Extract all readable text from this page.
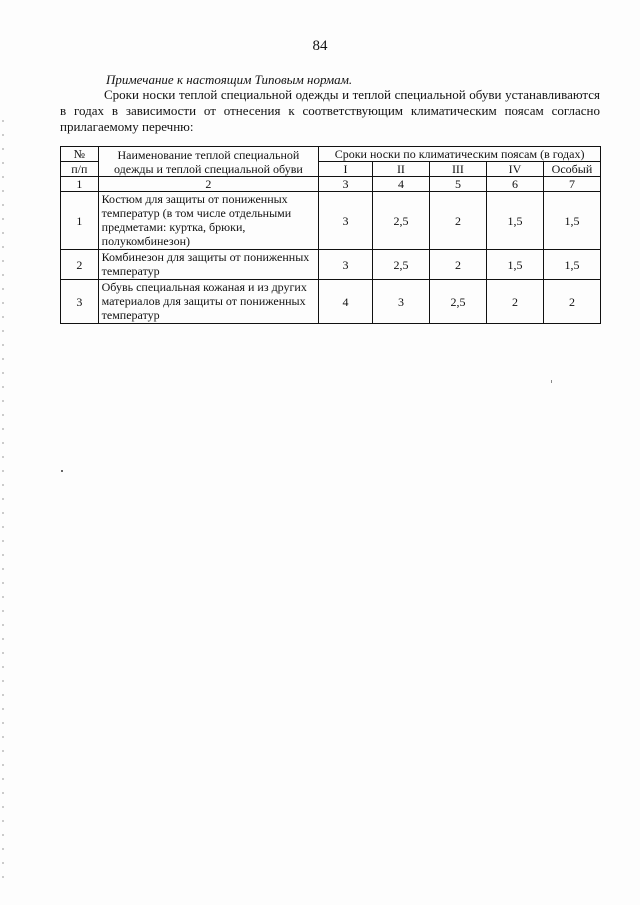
84
Примечание к настоящим Типовым нормам.

Сроки носки теплой специальной одежды и теплой специальной обуви устанавливаются в годах в зависимости от отнесения к соответствующим климатическим поясам согласно прилагаемому перечню:

№	Наименование теплой специальной одежды и теплой специальной обуви	Сроки носки по климатическим поясам (в годах)				
п/п		I	II	III	IV	Особый
1	2	3	4	5	6	7
1	Костюм для защиты от пониженных температур (в том числе отдельными предметами: куртка, брюки, полукомбинезон)	3	2,5	2	1,5	1,5
2	Комбинезон для защиты от пониженных температур	3	2,5	2	1,5	1,5
3	Обувь специальная кожаная и из других материалов для защиты от пониженных температур	4	3	2,5	2	2
